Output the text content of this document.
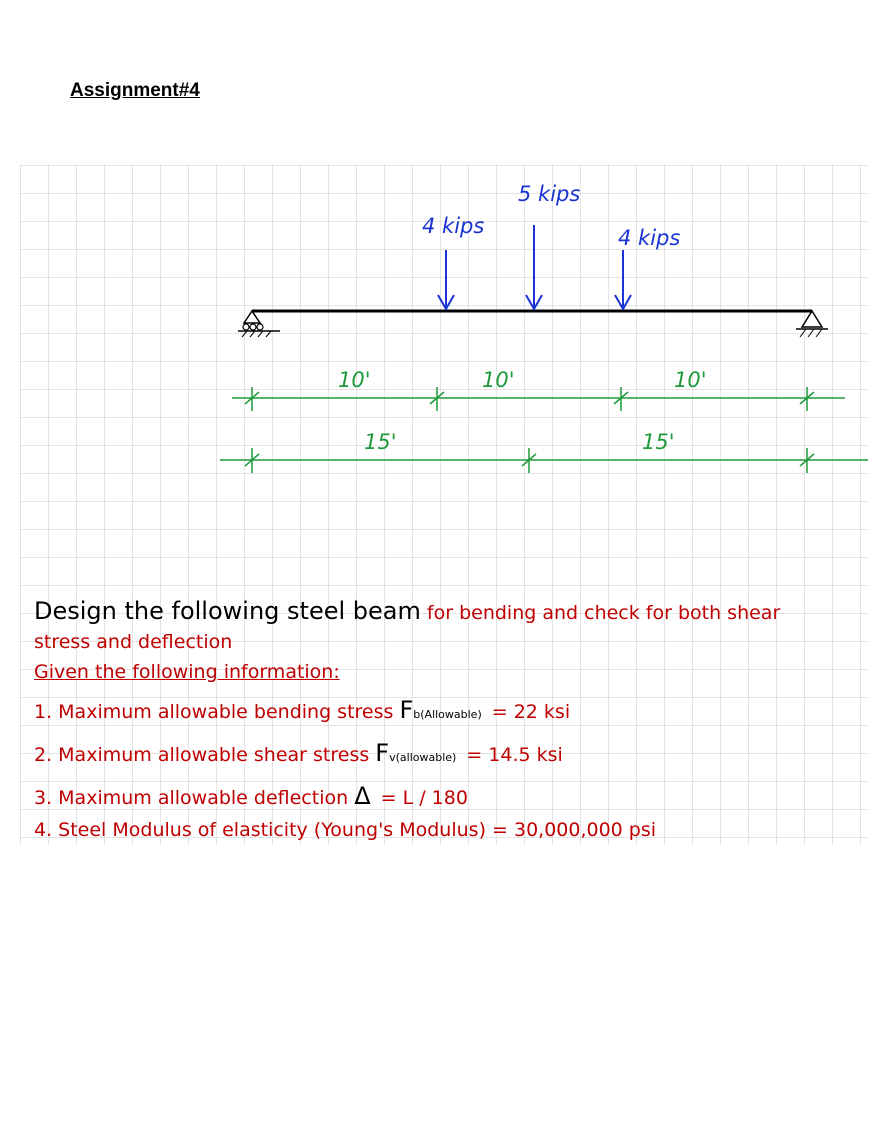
Assignment#4
4 kips
5 kips
4 kips
10'	10'	10'
15'	15'
Design the following steel beam for bending and check for both shear
stress and deflection
Given the following information:
1. Maximum allowable bending stress Fb(Allowable) = 22 ksi
2. Maximum allowable shear stress Fv(allowable) = 14.5 ksi
3. Maximum allowable deflection Δ = L / 180
4. Steel Modulus of elasticity (Young's Modulus) = 30,000,000 psi
